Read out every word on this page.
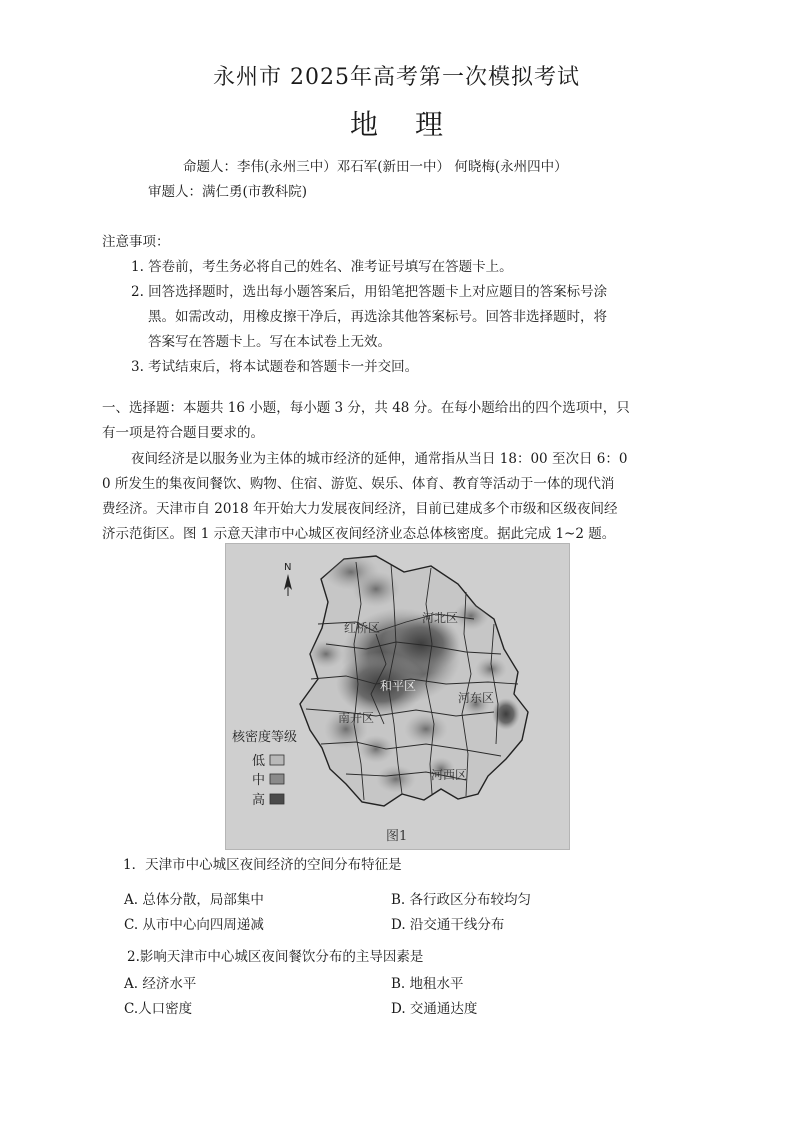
永州市 2025年高考第一次模拟考试
地 理
命题人：李伟(永州三中）邓石军(新田一中） 何晓梅(永州四中）
审题人：满仁勇(市教科院)
注意事项：
1. 答卷前，考生务必将自己的姓名、准考证号填写在答题卡上。
2. 回答选择题时，选出每小题答案后，用铅笔把答题卡上对应题目的答案标号涂
黑。如需改动，用橡皮擦干净后，再选涂其他答案标号。回答非选择题时，将
答案写在答题卡上。写在本试卷上无效。
3. 考试结束后，将本试题卷和答题卡一并交回。
一、选择题：本题共 16 小题，每小题 3 分，共 48 分。在每小题给出的四个选项中，只
有一项是符合题目要求的。
夜间经济是以服务业为主体的城市经济的延伸，通常指从当日 18：00 至次日 6：0
0 所发生的集夜间餐饮、购物、住宿、游览、娱乐、体育、教育等活动于一体的现代消
费经济。天津市自 2018 年开始大力发展夜间经济，目前已建成多个市级和区级夜间经
济示范街区。图 1 示意天津市中心城区夜间经济业态总体核密度。据此完成 1~2 题。
红桥区
河北区
南开区
河东区
河西区
和平区
N
核密度等级
低
中
高
图1
1．天津市中心城区夜间经济的空间分布特征是
A. 总体分散，局部集中	B. 各行政区分布较均匀
C. 从市中心向四周递减	D. 沿交通干线分布
2.影响天津市中心城区夜间餐饮分布的主导因素是
A. 经济水平	B. 地租水平
C.人口密度	D. 交通通达度
